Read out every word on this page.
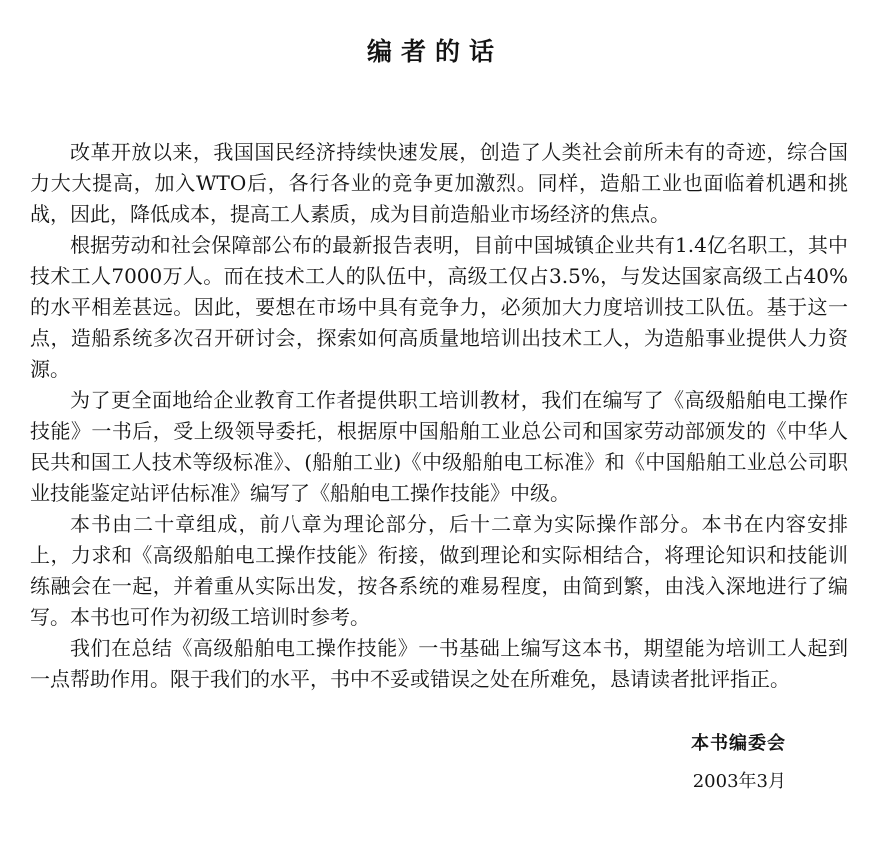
编者的话

改革开放以来，我国国民经济持续快速发展，创造了人类社会前所未有的奇迹，综合国力大大提高，加入WTO后，各行各业的竞争更加激烈。同样，造船工业也面临着机遇和挑战，因此，降低成本，提高工人素质，成为目前造船业市场经济的焦点。

根据劳动和社会保障部公布的最新报告表明，目前中国城镇企业共有1.4亿名职工，其中技术工人7000万人。而在技术工人的队伍中，高级工仅占3.5%，与发达国家高级工占40%的水平相差甚远。因此，要想在市场中具有竞争力，必须加大力度培训技工队伍。基于这一点，造船系统多次召开研讨会，探索如何高质量地培训出技术工人，为造船事业提供人力资源。

为了更全面地给企业教育工作者提供职工培训教材，我们在编写了《高级船舶电工操作技能》一书后，受上级领导委托，根据原中国船舶工业总公司和国家劳动部颁发的《中华人民共和国工人技术等级标准》、(船舶工业)《中级船舶电工标准》和《中国船舶工业总公司职业技能鉴定站评估标准》编写了《船舶电工操作技能》中级。

本书由二十章组成，前八章为理论部分，后十二章为实际操作部分。本书在内容安排上，力求和《高级船舶电工操作技能》衔接，做到理论和实际相结合，将理论知识和技能训练融会在一起，并着重从实际出发，按各系统的难易程度，由简到繁，由浅入深地进行了编写。本书也可作为初级工培训时参考。

我们在总结《高级船舶电工操作技能》一书基础上编写这本书，期望能为培训工人起到一点帮助作用。限于我们的水平，书中不妥或错误之处在所难免，恳请读者批评指正。

本书编委会
2003年3月
